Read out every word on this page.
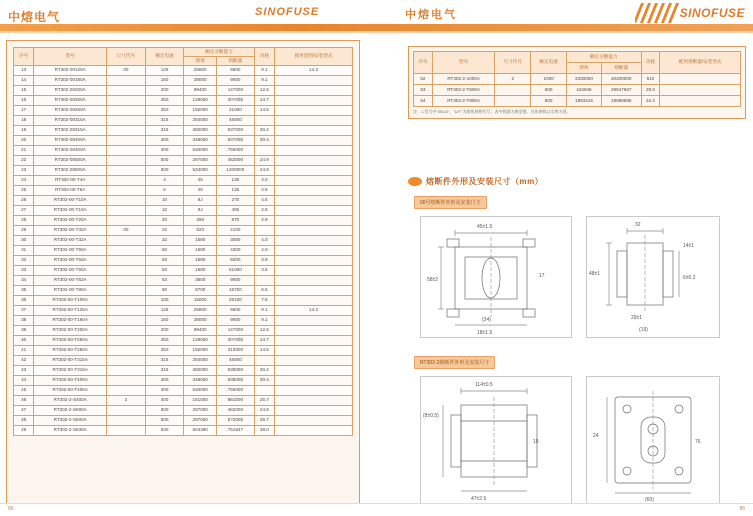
中熔电气	SINOFUSE	中熔电气	SINOFUSE
序号	型号	尺寸代号	额定电流	额定分断能力		功耗	使用范围/安装型式
				熔体	熔断器		
13	RT302-00125A	00	125	25800	6800	9.1	14.3
14	RT302-00160A		160	39000	9000	9.1	
15	RT302-00200A		200	89400	14?000	12.5	
16	RT302-00250A		250	128000	20?000	14.7	
17	RT302-00250A		250	192000	31000	14.5	
18	RT302-00315A		315	254000	45000		
19	RT302-00315A		315	360000	53?000	30.2	
20	RT302-00400A		400	348000	63?000	30.4	
21	RT302-00400A		400	540000	755000		
22	RT302-00500A		500	297000	462000	24.9	
23	RT302-00500A		500	534000	1200000	24.9	
24	RT302-00-T4A		4	45	135	4.0	
25	RT302-00-T6A		6	45	135	4.9	
26	RT302-00-T10A		10	9J	270	4.5	
27	RT302-00-T10A		10	9J	490	2.9	
28	RT302-00-T20A		20	266	970	2.9	
29	RT302-00-T32A	00	32	620	2100		
30	RT302-00-T32A		32	1580	3050	4.0	
31	RT302-00-T50A		50	1580	4300	4.0	
32	RT302-00-T63A		63	1580	5000	3.9	
33	RT302-00-T50A		50	1580	51000	3.5	
34	RT302-00-T63A		63	3800	9000		
35	RT302-00-T80A		80	8700	15700	6.5	
36	RT302-00-T100A		100	15000	25100	7.6	
37	RT302-00-T125A		125	25800	6800	9.1	14.3
38	RT302-00-T160A		160	39000	9000	9.1	
39	RT302-00-T200A		200	89400	14?000	12.5	
40	RT302-00-T250A		250	128000	20?000	14.7	
41	RT302-00-T250A		250	192000	310000	14.5	
42	RT302-00-T315A		315	254000	45000		
43	RT302-00-T315A		315	360000	535000	30.2	
44	RT302-00-T400A		400	348000	635000	30.4	
45	RT302-00-T400A		400	540000	755000		
46	RT302-2-S400A	2	400	151000	861000	25.7	
47	RT302-2-S500A		500	297000	462000	24.9	
48	RT302-2-S500A		500	297000	5?2000	26.7	
49	RT302-2-S630A		630	504490	751847	38.0	
序号	型号	尺寸代号	额定电流	额定分断能力		功耗	配用熔断器/安装型式
				熔体	熔断器		
52	RT302-2-1000A	2	1000	3330000	40200000	510	
53	RT302-2-T600A		600	434946	29547667	29.0	
54	RT302-2-T800A		800	1893416	18086686	34.2	
注：1.型号中"05/13"、"U/T"为熔体规格代号；表中数据为典型值，具体参数以实物为准。
熔断件外形及安装尺寸（mm）
00号熔断件外形及安装尺寸
45±1.5
(34)
58±2
17
18±1.5
32
48±1
14±1
6±0.2
29±1
(19)
RT302-2熔断件外形及安装尺寸
114±0.5
(8±0.5)
47±2.5
15	76
(60)
24
85	86
